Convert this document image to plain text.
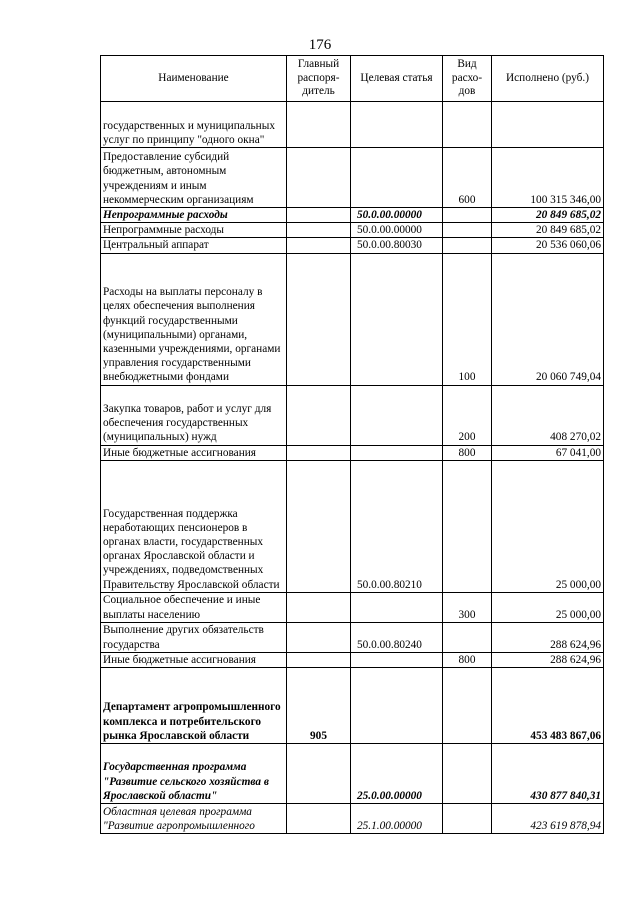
176
Наименование	Главный распоря-дитель	Целевая статья	Вид расхо-дов	Исполнено (руб.)
государственных и муниципальных услуг по принципу "одного окна"				
Предоставление субсидий бюджетным, автономным учреждениям и иным некоммерческим организациям			600	100 315 346,00
Непрограммные расходы		50.0.00.00000		20 849 685,02
Непрограммные расходы		50.0.00.00000		20 849 685,02
Центральный аппарат		50.0.00.80030		20 536 060,06
Расходы на выплаты персоналу в целях обеспечения выполнения функций государственными (муниципальными) органами, казенными учреждениями, органами управления государственными внебюджетными фондами			100	20 060 749,04
Закупка товаров, работ и услуг для обеспечения государственных (муниципальных) нужд			200	408 270,02
Иные бюджетные ассигнования			800	67 041,00
Государственная поддержка неработающих пенсионеров в органах власти, государственных органах Ярославской области и учреждениях, подведомственных Правительству Ярославской области		50.0.00.80210		25 000,00
Социальное обеспечение и иные выплаты населению			300	25 000,00
Выполнение других обязательств государства		50.0.00.80240		288 624,96
Иные бюджетные ассигнования			800	288 624,96
Департамент агропромышленного комплекса и потребительского рынка Ярославской области	905			453 483 867,06
Государственная программа "Развитие сельского хозяйства в Ярославской области"		25.0.00.00000		430 877 840,31
Областная целевая программа "Развитие агропромышленного		25.1.00.00000		423 619 878,94
